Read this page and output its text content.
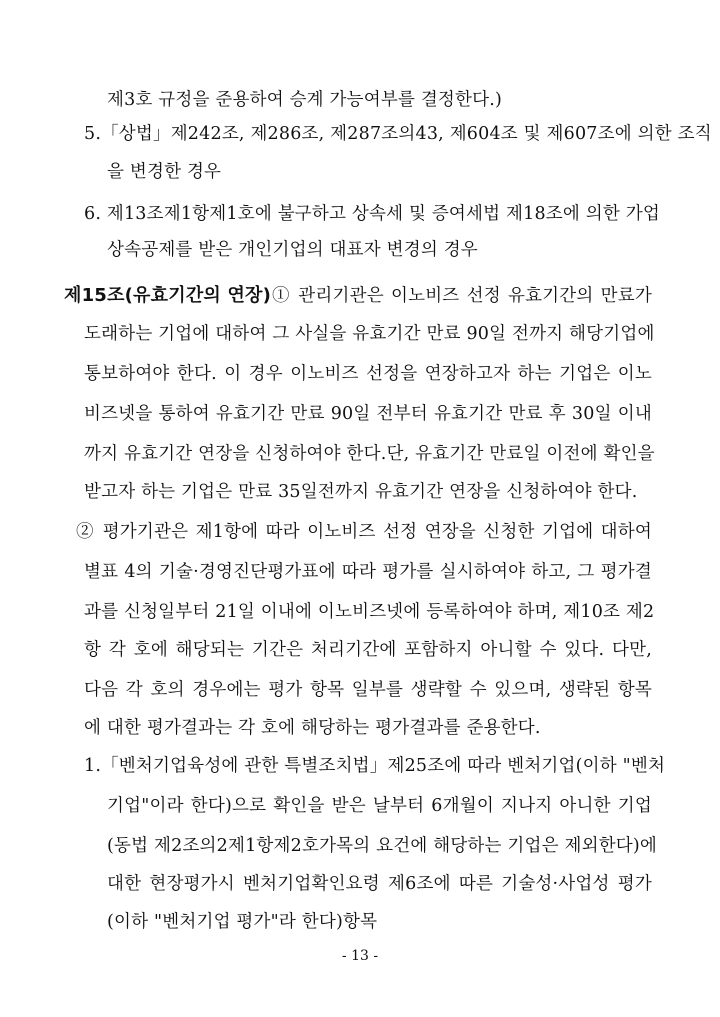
제3호 규정을 준용하여 승계 가능여부를 결정한다.)
5.「상법」제242조, 제286조, 제287조의43, 제604조 및 제607조에 의한 조직
을 변경한 경우
6. 제13조제1항제1호에 불구하고 상속세 및 증여세법 제18조에 의한 가업
상속공제를 받은 개인기업의 대표자 변경의 경우
제15조(유효기간의 연장) ① 관리기관은 이노비즈 선정 유효기간의 만료가
도래하는 기업에 대하여 그 사실을 유효기간 만료 90일 전까지 해당기업에
통보하여야 한다. 이 경우 이노비즈 선정을 연장하고자 하는 기업은 이노
비즈넷을 통하여 유효기간 만료 90일 전부터 유효기간 만료 후 30일 이내
까지 유효기간 연장을 신청하여야 한다.단, 유효기간 만료일 이전에 확인을
받고자 하는 기업은 만료 35일전까지 유효기간 연장을 신청하여야 한다.
② 평가기관은 제1항에 따라 이노비즈 선정 연장을 신청한 기업에 대하여
별표 4의 기술·경영진단평가표에 따라 평가를 실시하여야 하고, 그 평가결
과를 신청일부터 21일 이내에 이노비즈넷에 등록하여야 하며, 제10조 제2
항 각 호에 해당되는 기간은 처리기간에 포함하지 아니할 수 있다. 다만,
다음 각 호의 경우에는 평가 항목 일부를 생략할 수 있으며, 생략된 항목
에 대한 평가결과는 각 호에 해당하는 평가결과를 준용한다.
1.「벤처기업육성에 관한 특별조치법」제25조에 따라 벤처기업(이하 "벤처
기업"이라 한다)으로 확인을 받은 날부터 6개월이 지나지 아니한 기업
(동법 제2조의2제1항제2호가목의 요건에 해당하는 기업은 제외한다)에
대한 현장평가시 벤처기업확인요령 제6조에 따른 기술성·사업성 평가
(이하 "벤처기업 평가"라 한다)항목
- 13 -
